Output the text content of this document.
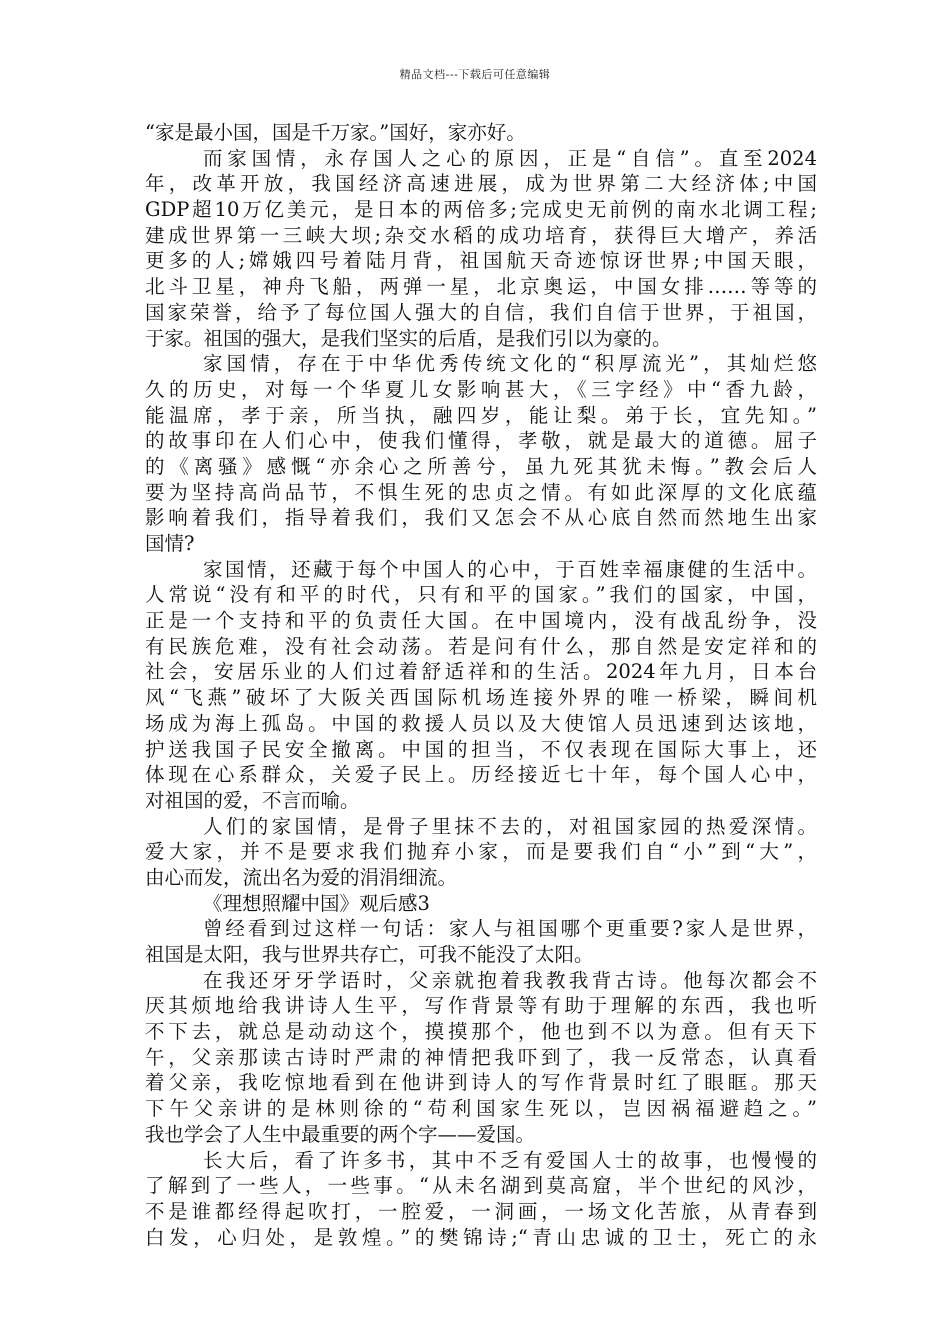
精品文档---下载后可任意编辑
“家是最小国，国是千万家。”国好，家亦好。
而家国情，永存国人之心的原因，正是“自信”。直至2024
年，改革开放，我国经济高速进展，成为世界第二大经济体;中国
GDP超10万亿美元，是日本的两倍多;完成史无前例的南水北调工程;
建成世界第一三峡大坝;杂交水稻的成功培育，获得巨大增产，养活
更多的人;嫦娥四号着陆月背，祖国航天奇迹惊讶世界;中国天眼，
北斗卫星，神舟飞船，两弹一星，北京奥运，中国女排……等等的
国家荣誉，给予了每位国人强大的自信，我们自信于世界，于祖国，
于家。祖国的强大，是我们坚实的后盾，是我们引以为豪的。
家国情，存在于中华优秀传统文化的“积厚流光”，其灿烂悠
久的历史，对每一个华夏儿女影响甚大，《三字经》中“香九龄，
能温席，孝于亲，所当执，融四岁，能让梨。弟于长，宜先知。”
的故事印在人们心中，使我们懂得，孝敬，就是最大的道德。屈子
的《离骚》感慨“亦余心之所善兮，虽九死其犹未悔。”教会后人
要为坚持高尚品节，不惧生死的忠贞之情。有如此深厚的文化底蕴
影响着我们，指导着我们，我们又怎会不从心底自然而然地生出家
国情?
家国情，还藏于每个中国人的心中，于百姓幸福康健的生活中。
人常说“没有和平的时代，只有和平的国家。”我们的国家，中国，
正是一个支持和平的负责任大国。在中国境内，没有战乱纷争，没
有民族危难，没有社会动荡。若是问有什么，那自然是安定祥和的
社会，安居乐业的人们过着舒适祥和的生活。2024年九月，日本台
风“飞燕”破坏了大阪关西国际机场连接外界的唯一桥梁，瞬间机
场成为海上孤岛。中国的救援人员以及大使馆人员迅速到达该地，
护送我国子民安全撤离。中国的担当，不仅表现在国际大事上，还
体现在心系群众，关爱子民上。历经接近七十年，每个国人心中，
对祖国的爱，不言而喻。
人们的家国情，是骨子里抹不去的，对祖国家园的热爱深情。
爱大家，并不是要求我们抛弃小家，而是要我们自“小”到“大”，
由心而发，流出名为爱的涓涓细流。
《理想照耀中国》观后感3
曾经看到过这样一句话：家人与祖国哪个更重要?家人是世界，
祖国是太阳，我与世界共存亡，可我不能没了太阳。
在我还牙牙学语时，父亲就抱着我教我背古诗。他每次都会不
厌其烦地给我讲诗人生平，写作背景等有助于理解的东西，我也听
不下去，就总是动动这个，摸摸那个，他也到不以为意。但有天下
午，父亲那读古诗时严肃的神情把我吓到了，我一反常态，认真看
着父亲，我吃惊地看到在他讲到诗人的写作背景时红了眼眶。那天
下午父亲讲的是林则徐的“苟利国家生死以，岂因祸福避趋之。”
我也学会了人生中最重要的两个字——爱国。
长大后，看了许多书，其中不乏有爱国人士的故事，也慢慢的
了解到了一些人，一些事。“从未名湖到莫高窟，半个世纪的风沙，
不是谁都经得起吹打，一腔爱，一洞画，一场文化苦旅，从青春到
白发，心归处，是敦煌。”的樊锦诗;“青山忠诚的卫士，死亡的永
